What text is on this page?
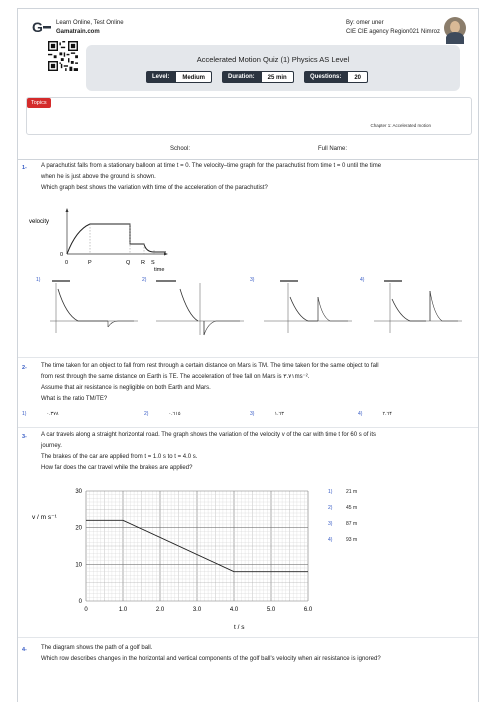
G Learn Online, Test Online
Gamatrain.com
By: omer uner
CIE CIE agency Region021 Nimroz
Accelerated Motion Quiz (1) Physics AS Level
Level:	Medium	Duration:	25 min	Questions:	20
Topics
Chapter 1: Accelerated motion
School:	Full Name:
1- A parachutist falls from a stationary balloon at time t = 0. The velocity–time graph for the parachutist from time t = 0 until the time

when he is just above the ground is shown.

Which graph best shows the variation with time of the acceleration of the parachutist?

velocity
0
0	P	Q R S
time
1)	2)	3)	4)
2- The time taken for an object to fall from rest through a certain distance on Mars is TM. The time taken for the same object to fall

from rest through the same distance on Earth is TE. The acceleration of free fall on Mars is ٣.٧١ms⁻².

Assume that air resistance is negligible on both Earth and Mars.

What is the ratio TM/TE?

1)	٠.٣٧٨	2)	٠.٦١٥	3)	١.٦٣	4)	٢.٦۴
3- A car travels along a straight horizontal road. The graph shows the variation of the velocity v of the car with time t for 60 s of its

journey.

The brakes of the car are applied from t = 1.0 s to t = 4.0 s.

How far does the car travel while the brakes are applied?

v / m s⁻¹
t / s
0
10
20
30
0	1.0	2.0	3.0	4.0	5.0	6.0
1)	21 m
2)	45 m
3)	87 m
4)	93 m
4- The diagram shows the path of a golf ball.

Which row describes changes in the horizontal and vertical components of the golf ball's velocity when air resistance is ignored?
